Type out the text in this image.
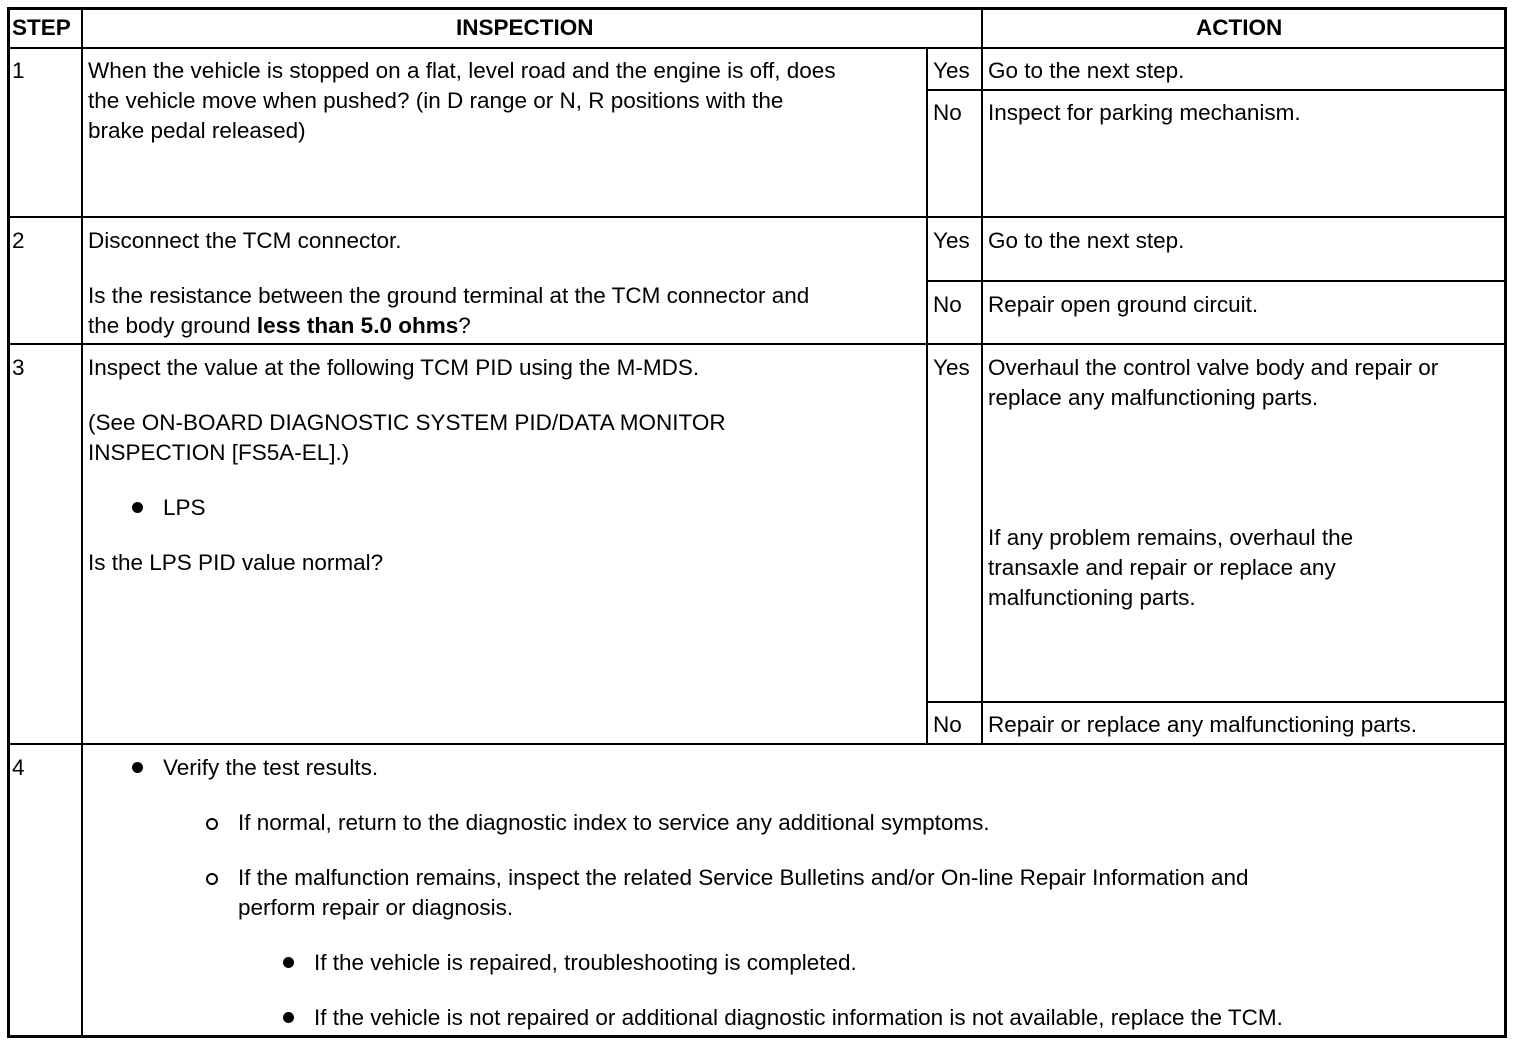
STEP	INSPECTION	ACTION
1	When the vehicle is stopped on a flat, level road and the engine is off, does
the vehicle move when pushed? (in D range or N, R positions with the
brake pedal released)
Yes Go to the next step.
No Inspect for parking mechanism.
2	Disconnect the TCM connector.
Is the resistance between the ground terminal at the TCM connector and
the body ground less than 5.0 ohms?
Yes Go to the next step.
No Repair open ground circuit.
3	Inspect the value at the following TCM PID using the M-MDS.
(See ON-BOARD DIAGNOSTIC SYSTEM PID/DATA MONITOR
INSPECTION [FS5A-EL].)
LPS
Is the LPS PID value normal?
Yes Overhaul the control valve body and repair or
replace any malfunctioning parts.
If any problem remains, overhaul the
transaxle and repair or replace any
malfunctioning parts.
No Repair or replace any malfunctioning parts.
4	Verify the test results.
If normal, return to the diagnostic index to service any additional symptoms.
If the malfunction remains, inspect the related Service Bulletins and/or On-line Repair Information and
perform repair or diagnosis.
If the vehicle is repaired, troubleshooting is completed.
If the vehicle is not repaired or additional diagnostic information is not available, replace the TCM.
